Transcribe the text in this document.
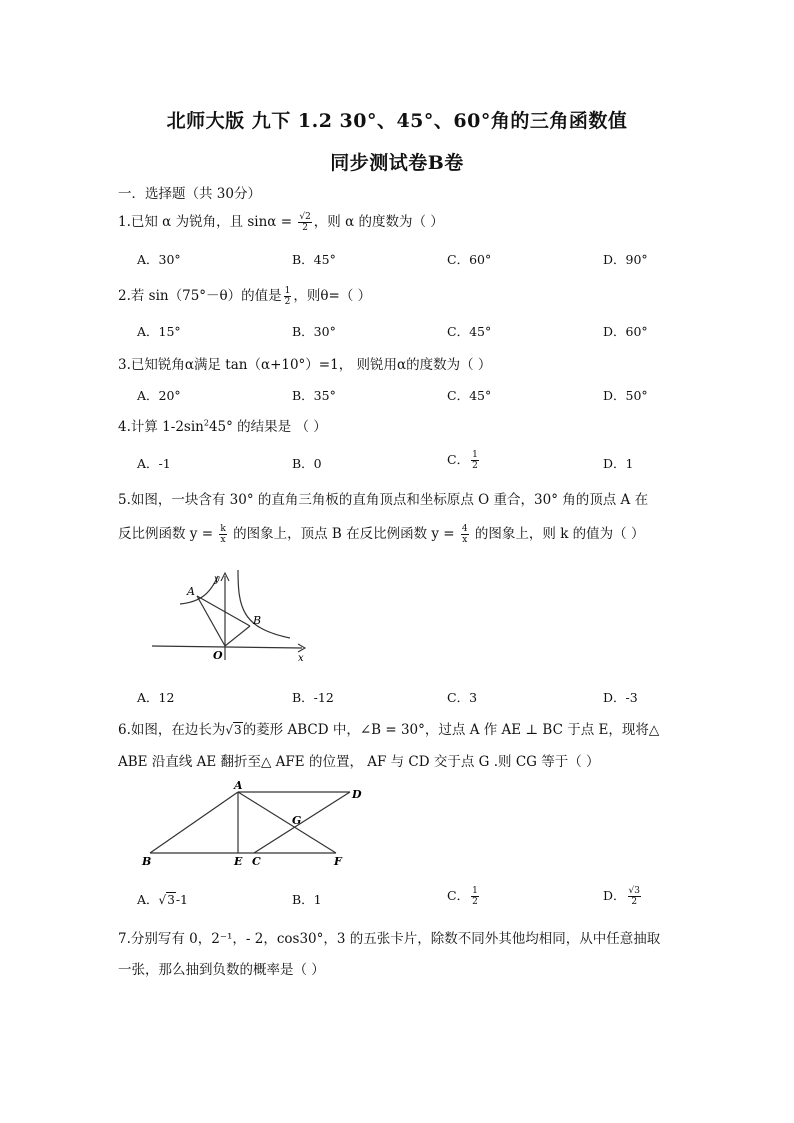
北师大版 九下 1.2 30°、45°、60°角的三角函数值
同步测试卷B卷
一．选择题（共 30分）
1.已知 α 为锐角，且 $\sin\alpha = \frac{√2}{2}$ ，则 α 的度数为（ ）
A．30°	B．45°	C．60°	D．90°
2.若 sin（75°－θ）的值是 $\frac{1}{2}$ ，则θ=（ ）
A．15°	B．30°	C．45°	D．60°
3.已知锐角α满足 tan（α+10°）=1， 则锐用α的度数为（ ）
A．20°	B．35°	C．45°	D．50°
4.计算 $1-2\sin^245^\circ$ 的结果是 （ ）
A．-1	B．0	C． $\frac{1}{2}$	D．1
5.如图，一块含有 30° 的直角三角板的直角顶点和坐标原点 O 重合，30° 角的顶点 A 在
反比例函数 $y = \frac{k}{x}$ 的图象上，顶点 B 在反比例函数 $y = \frac{4}{x}$ 的图象上，则 k 的值为（ ）
A
B
O	x
y
A．12	B．-12	C．3	D．-3
6.如图，在边长为√3的菱形 ABCD 中，∠B = 30°，过点 A 作 AE ⊥ BC 于点 E，现将△
ABE 沿直线 AE 翻折至△ AFE 的位置， AF 与 CD 交于点 G .则 CG 等于（ ）
A
B	E C	F
D
G
A．√3-1	B．1	C． $\frac{1}{2}$	D． $\frac{√3}{2}$
7.分别写有 0，2⁻¹，- 2，cos30°，3 的五张卡片，除数不同外其他均相同，从中任意抽取
一张，那么抽到负数的概率是（ ）
